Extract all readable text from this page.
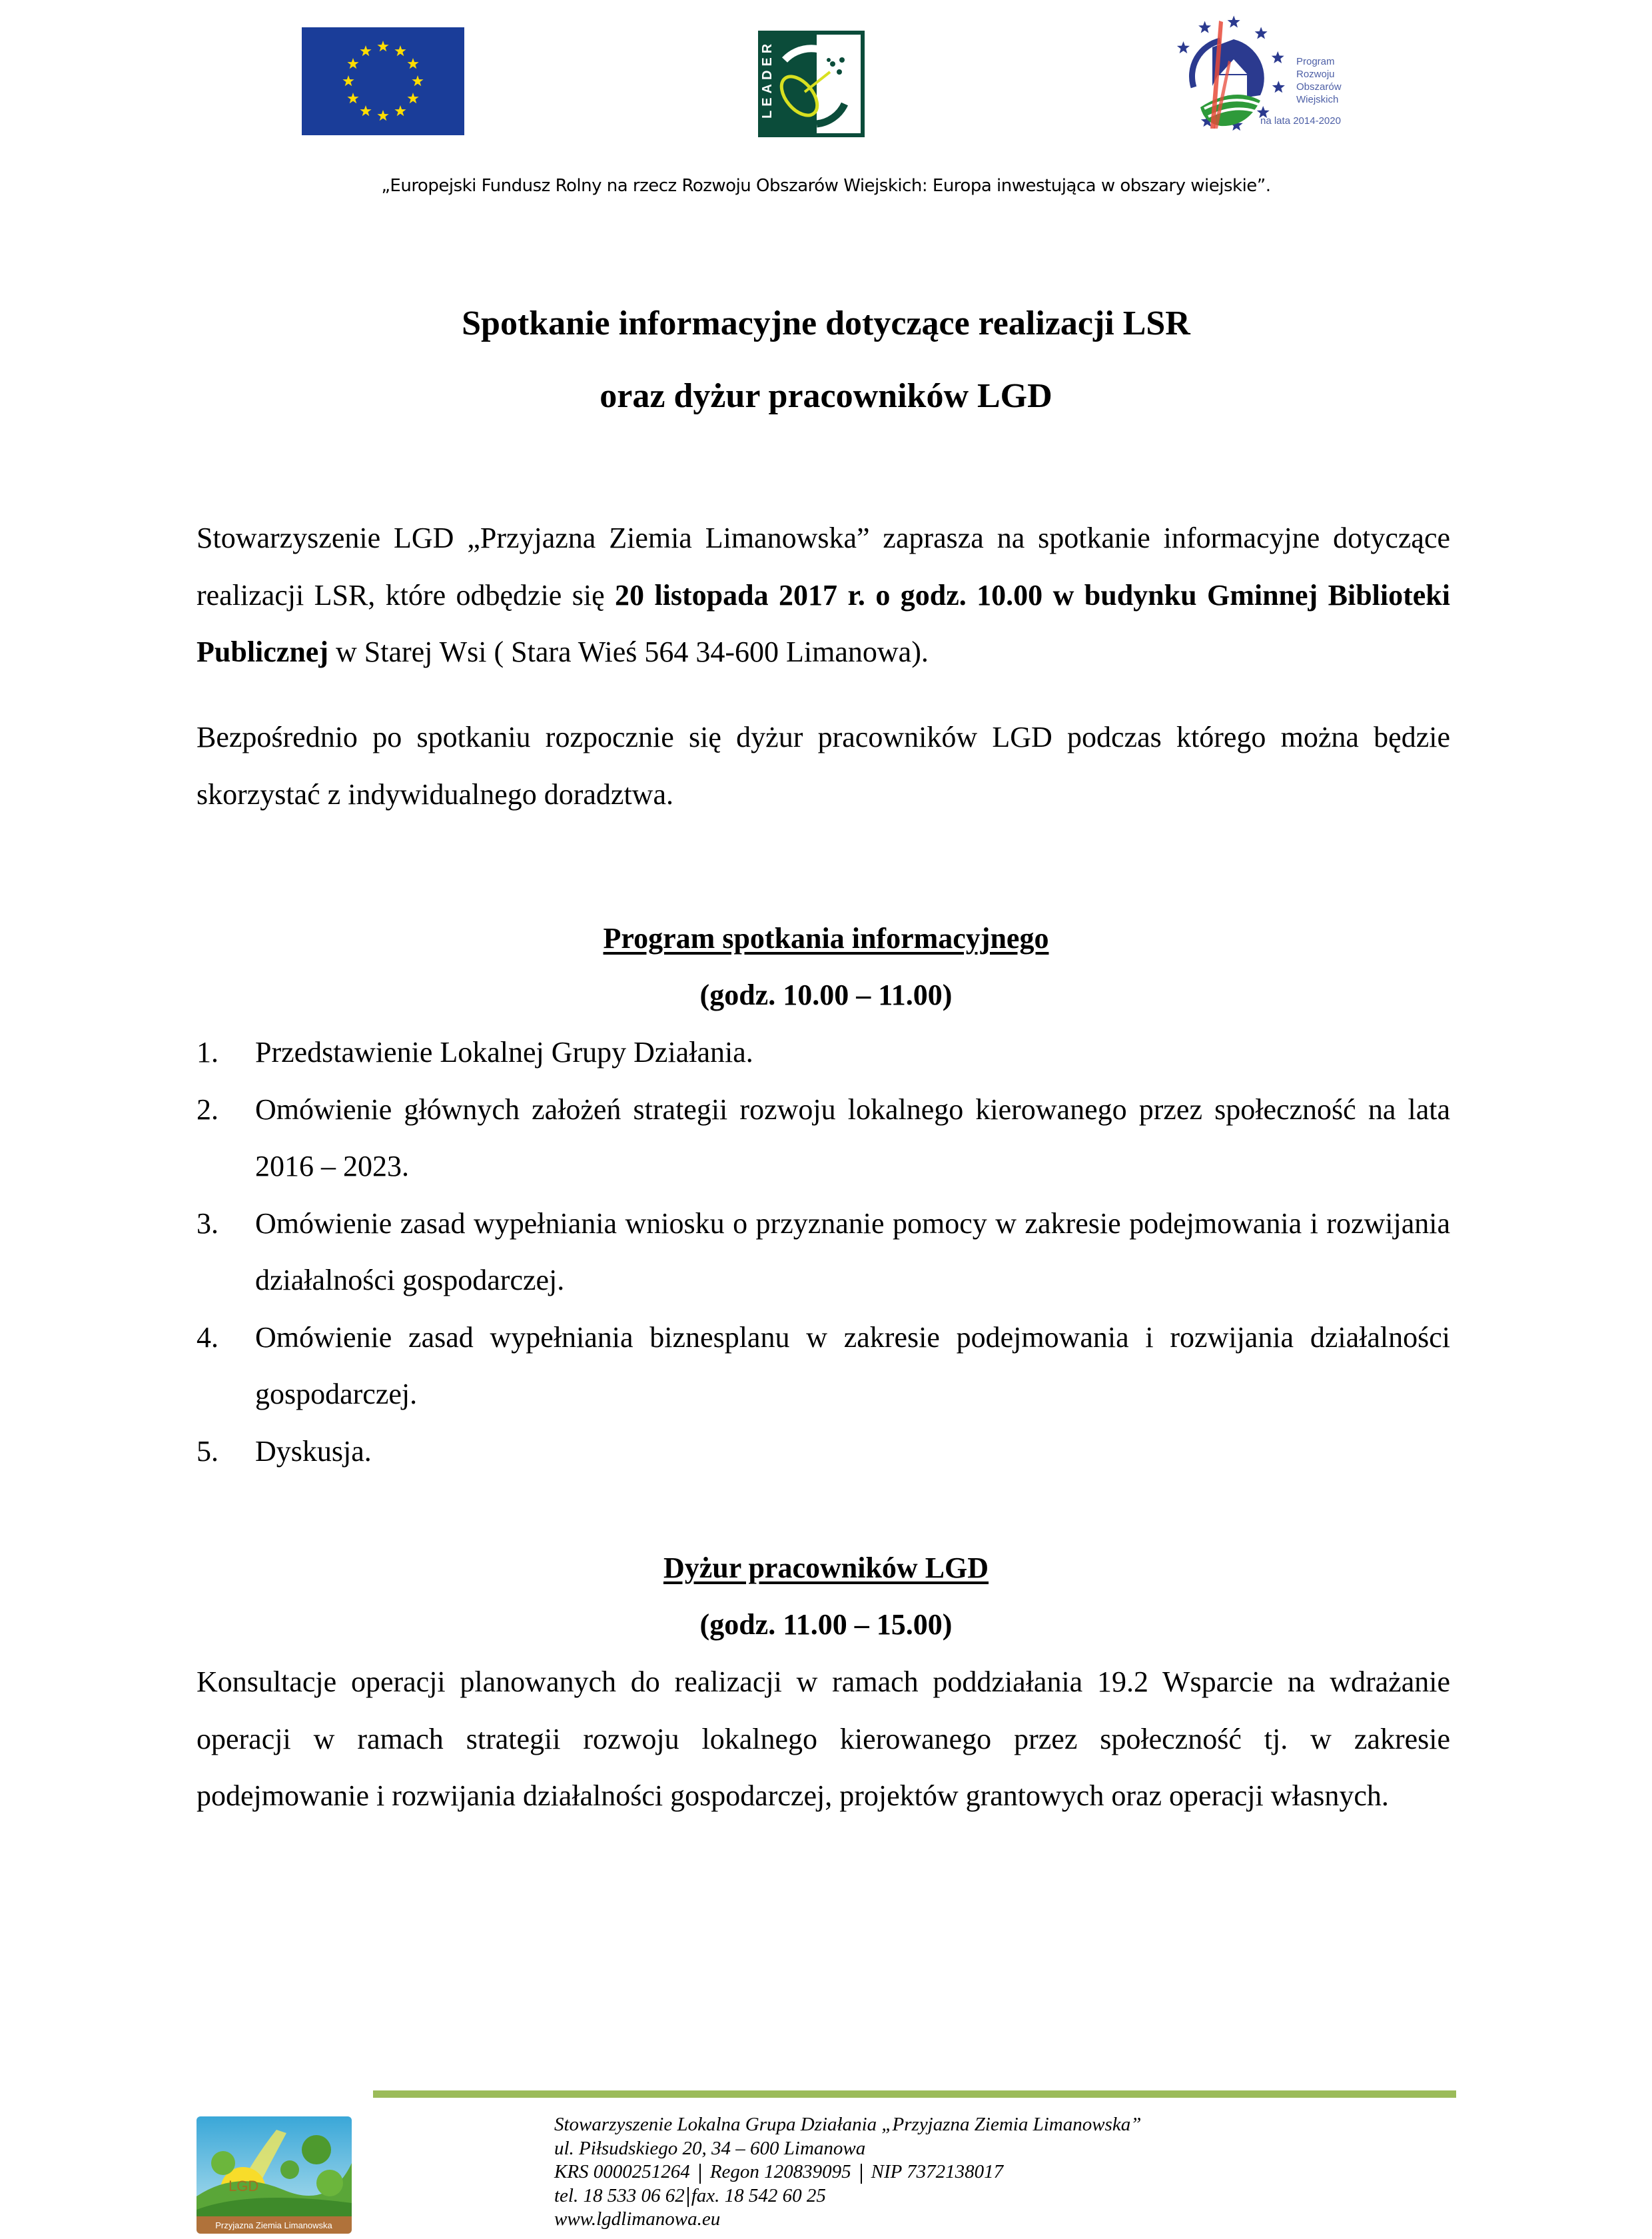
LEADER	Program
Rozwoju
Obszarów
Wiejskich
na lata 2014-2020
„Europejski Fundusz Rolny na rzecz Rozwoju Obszarów Wiejskich: Europa inwestująca w obszary wiejskie”.
Spotkanie informacyjne dotyczące realizacji LSR
oraz dyżur pracowników LGD
Stowarzyszenie LGD „Przyjazna Ziemia Limanowska” zaprasza na spotkanie informacyjne dotyczące realizacji LSR, które odbędzie się 20 listopada 2017 r. o godz. 10.00 w budynku Gminnej Biblioteki Publicznej w Starej Wsi ( Stara Wieś 564 34-600 Limanowa).
Bezpośrednio po spotkaniu rozpocznie się dyżur pracowników LGD podczas którego można będzie skorzystać z indywidualnego doradztwa.
Program spotkania informacyjnego
(godz. 10.00 – 11.00)
1. Przedstawienie Lokalnej Grupy Działania.
2. Omówienie głównych założeń strategii rozwoju lokalnego kierowanego przez społeczność na lata 2016 – 2023.
3. Omówienie zasad wypełniania wniosku o przyznanie pomocy w zakresie podejmowania i rozwijania działalności gospodarczej.
4. Omówienie zasad wypełniania biznesplanu w zakresie podejmowania i rozwijania działalności gospodarczej.
5. Dyskusja.
Dyżur pracowników LGD
(godz. 11.00 – 15.00)
Konsultacje operacji planowanych do realizacji w ramach poddziałania 19.2 Wsparcie na wdrażanie operacji w ramach strategii rozwoju lokalnego kierowanego przez społeczność tj. w zakresie podejmowanie i rozwijania działalności gospodarczej, projektów grantowych oraz operacji własnych.
LGD
Przyjazna Ziemia Limanowska
Stowarzyszenie Lokalna Grupa Działania „Przyjazna Ziemia Limanowska”
ul. Piłsudskiego 20, 34 – 600 Limanowa
KRS 0000251264 Regon 120839095 NIP 7372138017
tel. 18 533 06 62 fax. 18 542 60 25
www.lgdlimanowa.eu
